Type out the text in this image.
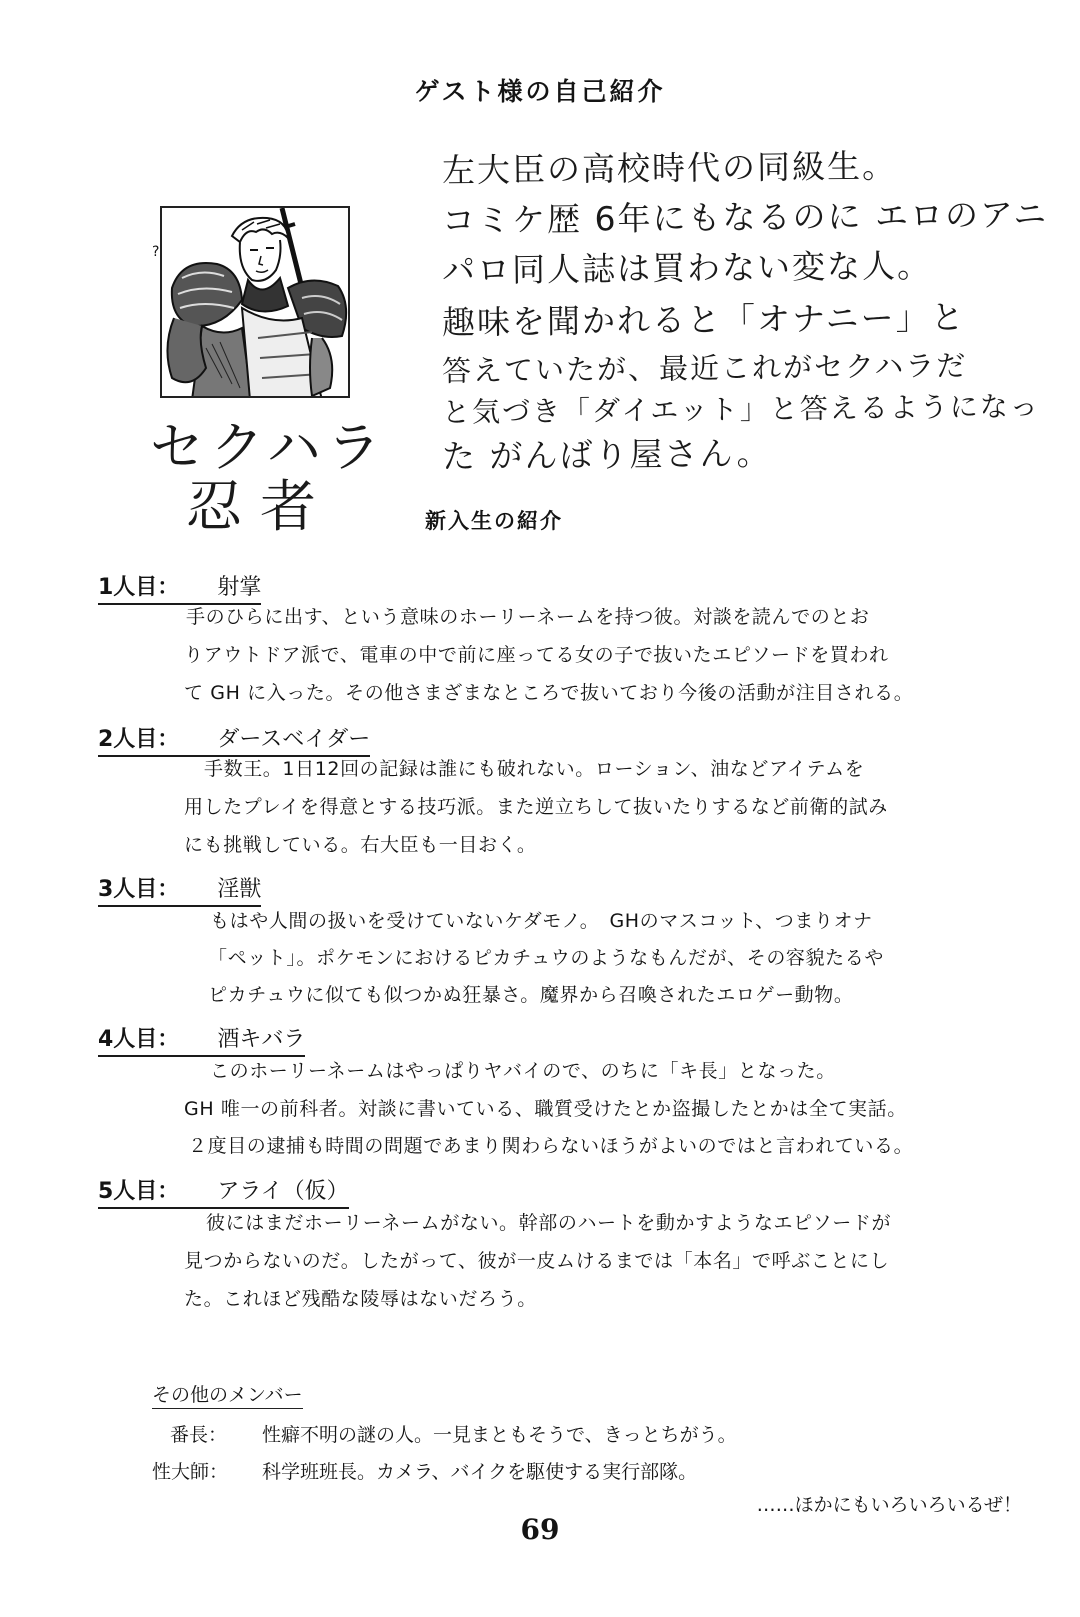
ゲスト様の自己紹介
?
左大臣の高校時代の同級生。
コミケ歴 6年にもなるのに エロのアニ
パロ同人誌は買わない変な人。
趣味を聞かれると「オナニー」と
答えていたが、最近これがセクハラだ
と気づき「ダイエット」と答えるようになっ
た がんばり屋さん。
セクハラ
忍者	新入生の紹介
1人目： 射掌
手のひらに出す、という意味のホーリーネームを持つ彼。対談を読んでのとお
りアウトドア派で、電車の中で前に座ってる女の子で抜いたエピソードを買われ
て GH に入った。その他さまざまなところで抜いており今後の活動が注目される。
2人目： ダースベイダー
手数王。1日12回の記録は誰にも破れない。ローション、油などアイテムを
用したプレイを得意とする技巧派。また逆立ちして抜いたりするなど前衛的試み
にも挑戦している。右大臣も一目おく。
3人目： 淫獣
もはや人間の扱いを受けていないケダモノ。　GHのマスコット、つまりオナ
「ペット」。ポケモンにおけるピカチュウのようなもんだが、その容貌たるや
ピカチュウに似ても似つかぬ狂暴さ。魔界から召喚されたエロゲー動物。
4人目： 酒キバラ
このホーリーネームはやっぱりヤバイので、のちに「キ長」となった。
GH 唯一の前科者。対談に書いている、職質受けたとか盗撮したとかは全て実話。
２度目の逮捕も時間の問題であまり関わらないほうがよいのではと言われている。
5人目： アライ（仮）
彼にはまだホーリーネームがない。幹部のハートを動かすようなエピソードが
見つからないのだ。したがって、彼が一皮ムけるまでは「本名」で呼ぶことにし
た。これほど残酷な陵辱はないだろう。
その他のメンバー
番長： 性癖不明の謎の人。一見まともそうで、きっとちがう。
性大師： 科学班班長。カメラ、バイクを駆使する実行部隊。
……ほかにもいろいろいるぜ！
69
